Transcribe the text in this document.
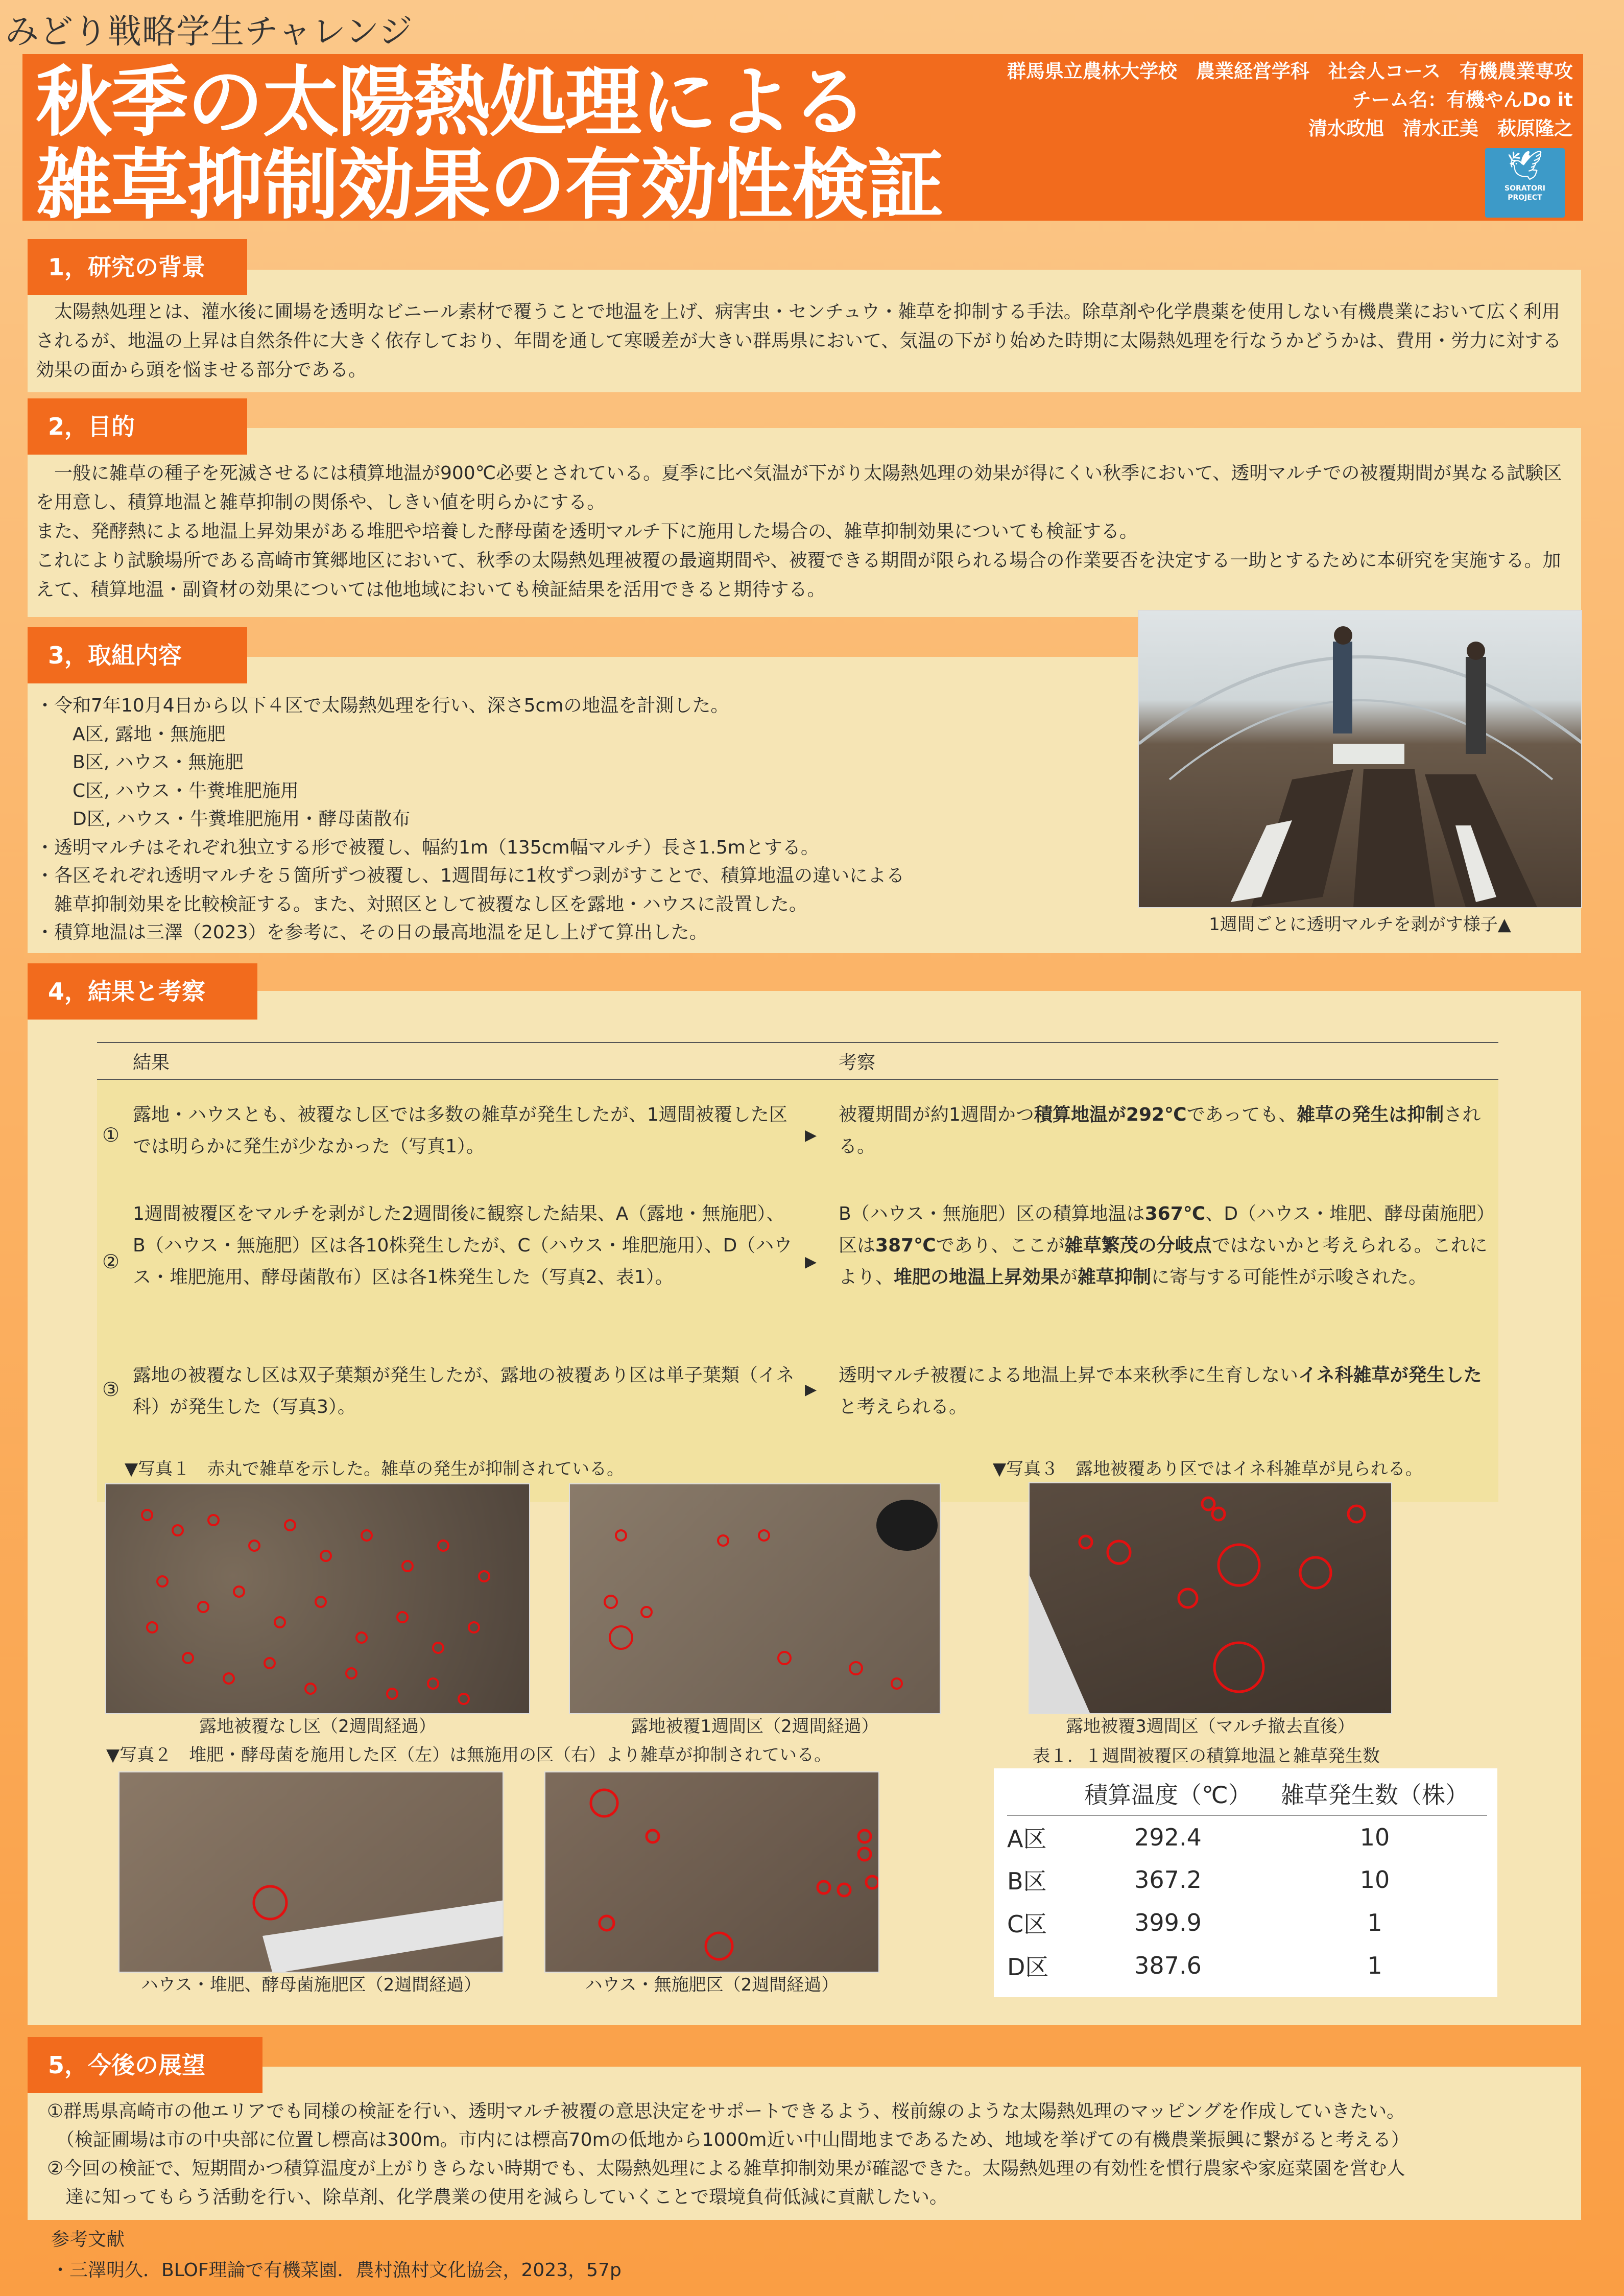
みどり戦略学生チャレンジ
秋季の太陽熱処理による
雑草抑制効果の有効性検証
群馬県立農林大学校　農業経営学科　社会人コース　有機農業専攻
チーム名：有機やんDo it
清水政旭　清水正美　萩原隆之
🕊
SORATORI
PROJECT
1，研究の背景
　太陽熱処理とは、灌水後に圃場を透明なビニール素材で覆うことで地温を上げ、病害虫・センチュウ・雑草を抑制する手法。除草剤や化学農薬を使用しない有機農業において広く利用されるが、地温の上昇は自然条件に大きく依存しており、年間を通して寒暖差が大きい群馬県において、気温の下がり始めた時期に太陽熱処理を行なうかどうかは、費用・労力に対する効果の面から頭を悩ませる部分である。
2，目的
　一般に雑草の種子を死滅させるには積算地温が900℃必要とされている。夏季に比べ気温が下がり太陽熱処理の効果が得にくい秋季において、透明マルチでの被覆期間が異なる試験区を用意し、積算地温と雑草抑制の関係や、しきい値を明らかにする。
また、発酵熱による地温上昇効果がある堆肥や培養した酵母菌を透明マルチ下に施用した場合の、雑草抑制効果についても検証する。
これにより試験場所である高崎市箕郷地区において、秋季の太陽熱処理被覆の最適期間や、被覆できる期間が限られる場合の作業要否を決定する一助とするために本研究を実施する。加えて、積算地温・副資材の効果については他地域においても検証結果を活用できると期待する。
3，取組内容
・令和7年10月4日から以下４区で太陽熱処理を行い、深さ5cmの地温を計測した。
　　A区, 露地・無施肥
　　B区, ハウス・無施肥
　　C区, ハウス・牛糞堆肥施用
　　D区, ハウス・牛糞堆肥施用・酵母菌散布
・透明マルチはそれぞれ独立する形で被覆し、幅約1m（135cm幅マルチ）長さ1.5mとする。
・各区それぞれ透明マルチを５箇所ずつ被覆し、1週間毎に1枚ずつ剥がすことで、積算地温の違いによる
　雑草抑制効果を比較検証する。また、対照区として被覆なし区を露地・ハウスに設置した。
・積算地温は三澤（2023）を参考に、その日の最高地温を足し上げて算出した。	1週間ごとに透明マルチを剥がす様子▲
4，結果と考察
結果	考察
①
露地・ハウスとも、被覆なし区では多数の雑草が発生したが、1週間被覆した区では明らかに発生が少なかった（写真1）。
▶
被覆期間が約1週間かつ積算地温が292℃であっても、雑草の発生は抑制される。
②
1週間被覆区をマルチを剥がした2週間後に観察した結果、A（露地・無施肥）、B（ハウス・無施肥）区は各10株発生したが、C（ハウス・堆肥施用）、D（ハウス・堆肥施用、酵母菌散布）区は各1株発生した（写真2、表1）。
▶
B（ハウス・無施肥）区の積算地温は367℃、D（ハウス・堆肥、酵母菌施肥）区は387℃であり、ここが雑草繁茂の分岐点ではないかと考えられる。これにより、堆肥の地温上昇効果が雑草抑制に寄与する可能性が示唆された。
③
露地の被覆なし区は双子葉類が発生したが、露地の被覆あり区は単子葉類（イネ科）が発生した（写真3）。
▶
透明マルチ被覆による地温上昇で本来秋季に生育しないイネ科雑草が発生したと考えられる。
▼写真１　赤丸で雑草を示した。雑草の発生が抑制されている。
露地被覆なし区（2週間経過）	露地被覆1週間区（2週間経過）
▼写真３　露地被覆あり区ではイネ科雑草が見られる。
露地被覆3週間区（マルチ撤去直後）
▼写真２　堆肥・酵母菌を施用した区（左）は無施用の区（右）より雑草が抑制されている。
ハウス・堆肥、酵母菌施肥区（2週間経過）	ハウス・無施肥区（2週間経過）
表１．１週間被覆区の積算地温と雑草発生数
	積算温度（℃）	雑草発生数（株）
A区	292.4	10
B区	367.2	10
C区	399.9	1
D区	387.6	1
5，今後の展望
①群馬県高崎市の他エリアでも同様の検証を行い、透明マルチ被覆の意思決定をサポートできるよう、桜前線のような太陽熱処理のマッピングを作成していきたい。
　（検証圃場は市の中央部に位置し標高は300m。市内には標高70mの低地から1000m近い中山間地まであるため、地域を挙げての有機農業振興に繋がると考える）
②今回の検証で、短期間かつ積算温度が上がりきらない時期でも、太陽熱処理による雑草抑制効果が確認できた。太陽熱処理の有効性を慣行農家や家庭菜園を営む人
　達に知ってもらう活動を行い、除草剤、化学農業の使用を減らしていくことで環境負荷低減に貢献したい。
参考文献
・三澤明久．BLOF理論で有機菜園．農村漁村文化協会，2023，57p
